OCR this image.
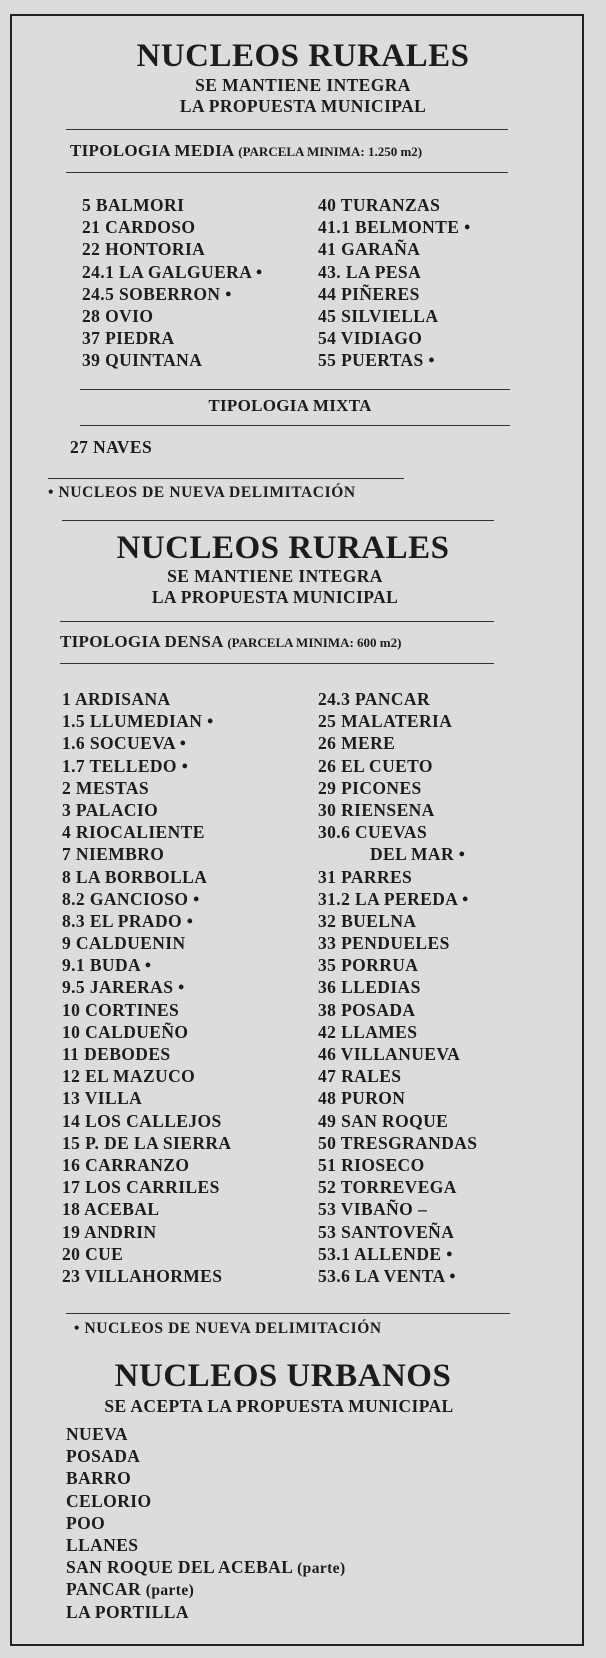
NUCLEOS RURALES
SE MANTIENE INTEGRA
LA PROPUESTA MUNICIPAL
TIPOLOGIA MEDIA (PARCELA MINIMA: 1.250 m2)
5 BALMORI
21 CARDOSO
22 HONTORIA
24.1 LA GALGUERA •
24.5 SOBERRON •
28 OVIO
37 PIEDRA
39 QUINTANA
40 TURANZAS
41.1 BELMONTE •
41 GARAÑA
43. LA PESA
44 PIÑERES
45 SILVIELLA
54 VIDIAGO
55 PUERTAS •
TIPOLOGIA MIXTA
27 NAVES
• NUCLEOS DE NUEVA DELIMITACIÓN
NUCLEOS RURALES
SE MANTIENE INTEGRA
LA PROPUESTA MUNICIPAL
TIPOLOGIA DENSA (PARCELA MINIMA: 600 m2)
1 ARDISANA
1.5 LLUMEDIAN •
1.6 SOCUEVA •
1.7 TELLEDO •
2 MESTAS
3 PALACIO
4 RIOCALIENTE
7 NIEMBRO
8 LA BORBOLLA
8.2 GANCIOSO •
8.3 EL PRADO •
9 CALDUENIN
9.1 BUDA •
9.5 JARERAS •
10 CORTINES
10 CALDUEÑO
11 DEBODES
12 EL MAZUCO
13 VILLA
14 LOS CALLEJOS
15 P. DE LA SIERRA
16 CARRANZO
17 LOS CARRILES
18 ACEBAL
19 ANDRIN
20 CUE
23 VILLAHORMES
24.3 PANCAR
25 MALATERIA
26 MERE
26 EL CUETO
29 PICONES
30 RIENSENA
30.6 CUEVAS
DEL MAR •
31 PARRES
31.2 LA PEREDA •
32 BUELNA
33 PENDUELES
35 PORRUA
36 LLEDIAS
38 POSADA
42 LLAMES
46 VILLANUEVA
47 RALES
48 PURON
49 SAN ROQUE
50 TRESGRANDAS
51 RIOSECO
52 TORREVEGA
53 VIBAÑO –
53 SANTOVEÑA
53.1 ALLENDE •
53.6 LA VENTA •
• NUCLEOS DE NUEVA DELIMITACIÓN
NUCLEOS URBANOS
SE ACEPTA LA PROPUESTA MUNICIPAL
NUEVA
POSADA
BARRO
CELORIO
POO
LLANES
SAN ROQUE DEL ACEBAL (parte)
PANCAR (parte)
LA PORTILLA
